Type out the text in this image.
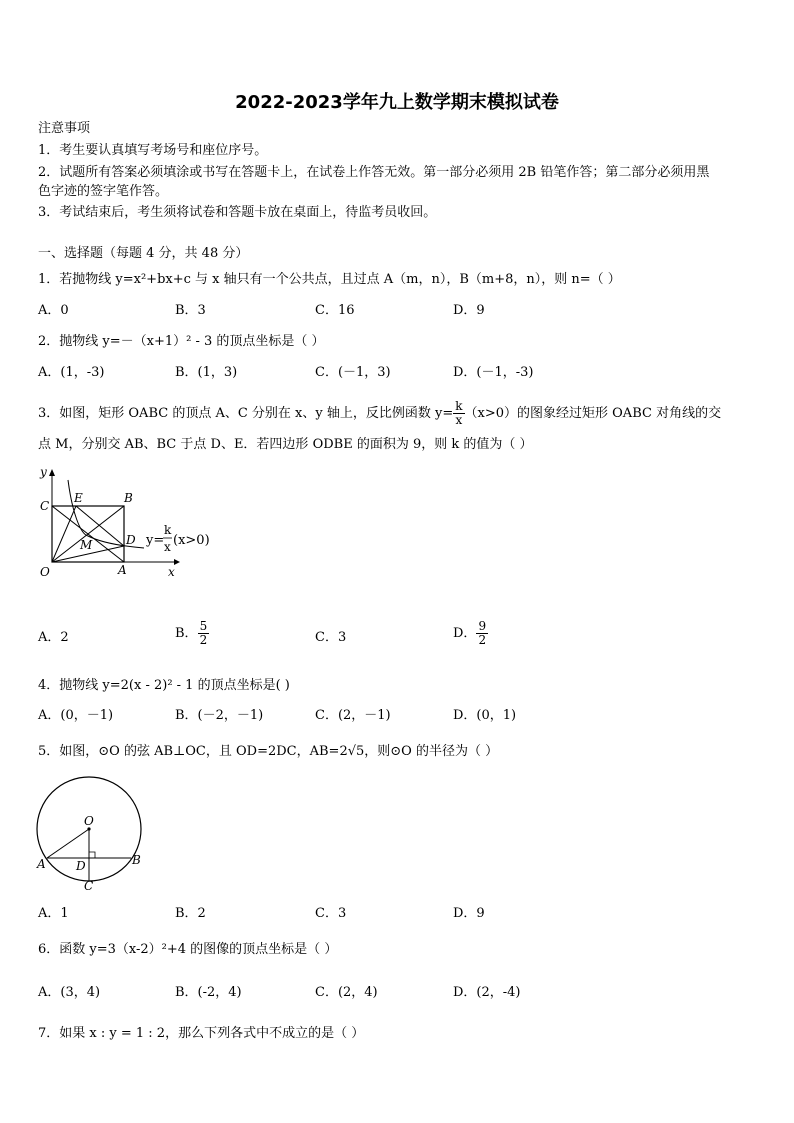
2022-2023学年九上数学期末模拟试卷
注意事项
1．考生要认真填写考场号和座位序号。
2．试题所有答案必须填涂或书写在答题卡上，在试卷上作答无效。第一部分必须用 2B 铅笔作答；第二部分必须用黑
色字迹的签字笔作答。
3．考试结束后，考生须将试卷和答题卡放在桌面上，待监考员收回。
一、选择题（每题 4 分，共 48 分）
1．若抛物线 y=x²+bx+c 与 x 轴只有一个公共点，且过点 A（m，n），B（m+8，n），则 n=（ ）
A．0	B．3	C．16	D．9
2．抛物线 y=－（x+1）² - 3 的顶点坐标是（ ）
A．(1，-3)	B．(1，3)	C．(－1，3)	D．(－1，-3)
3．如图，矩形 OABC 的顶点 A、C 分别在 x、y 轴上，反比例函数 $y= \frac{k}{x} (x>0)$的图象经过矩形 OABC 对角线的交
点 M，分别交 AB、BC 于点 D、E．若四边形 ODBE 的面积为 9，则 k 的值为（ ）
y
x
C
E	B
M	D
O	A
y=
k
x (x>0)
A．2	B． $\frac{5}{2}$	C．3	D． $\frac{9}{2}$
4．抛物线 y=2(x - 2)² - 1 的顶点坐标是( )
A．(0，－1)	B．(－2，－1)	C．(2，－1)	D．(0，1)
5．如图，⊙O 的弦 AB⊥OC，且 OD=2DC，AB=2√5，则⊙O 的半径为（ ）
O
A	B
D
C
A．1	B．2	C．3	D．9
6．函数 y=3（x-2）²+4 的图像的顶点坐标是（ ）
A．(3，4)	B．(-2，4)	C．(2，4)	D．(2，-4)
7．如果 x : y = 1 : 2，那么下列各式中不成立的是（ ）
